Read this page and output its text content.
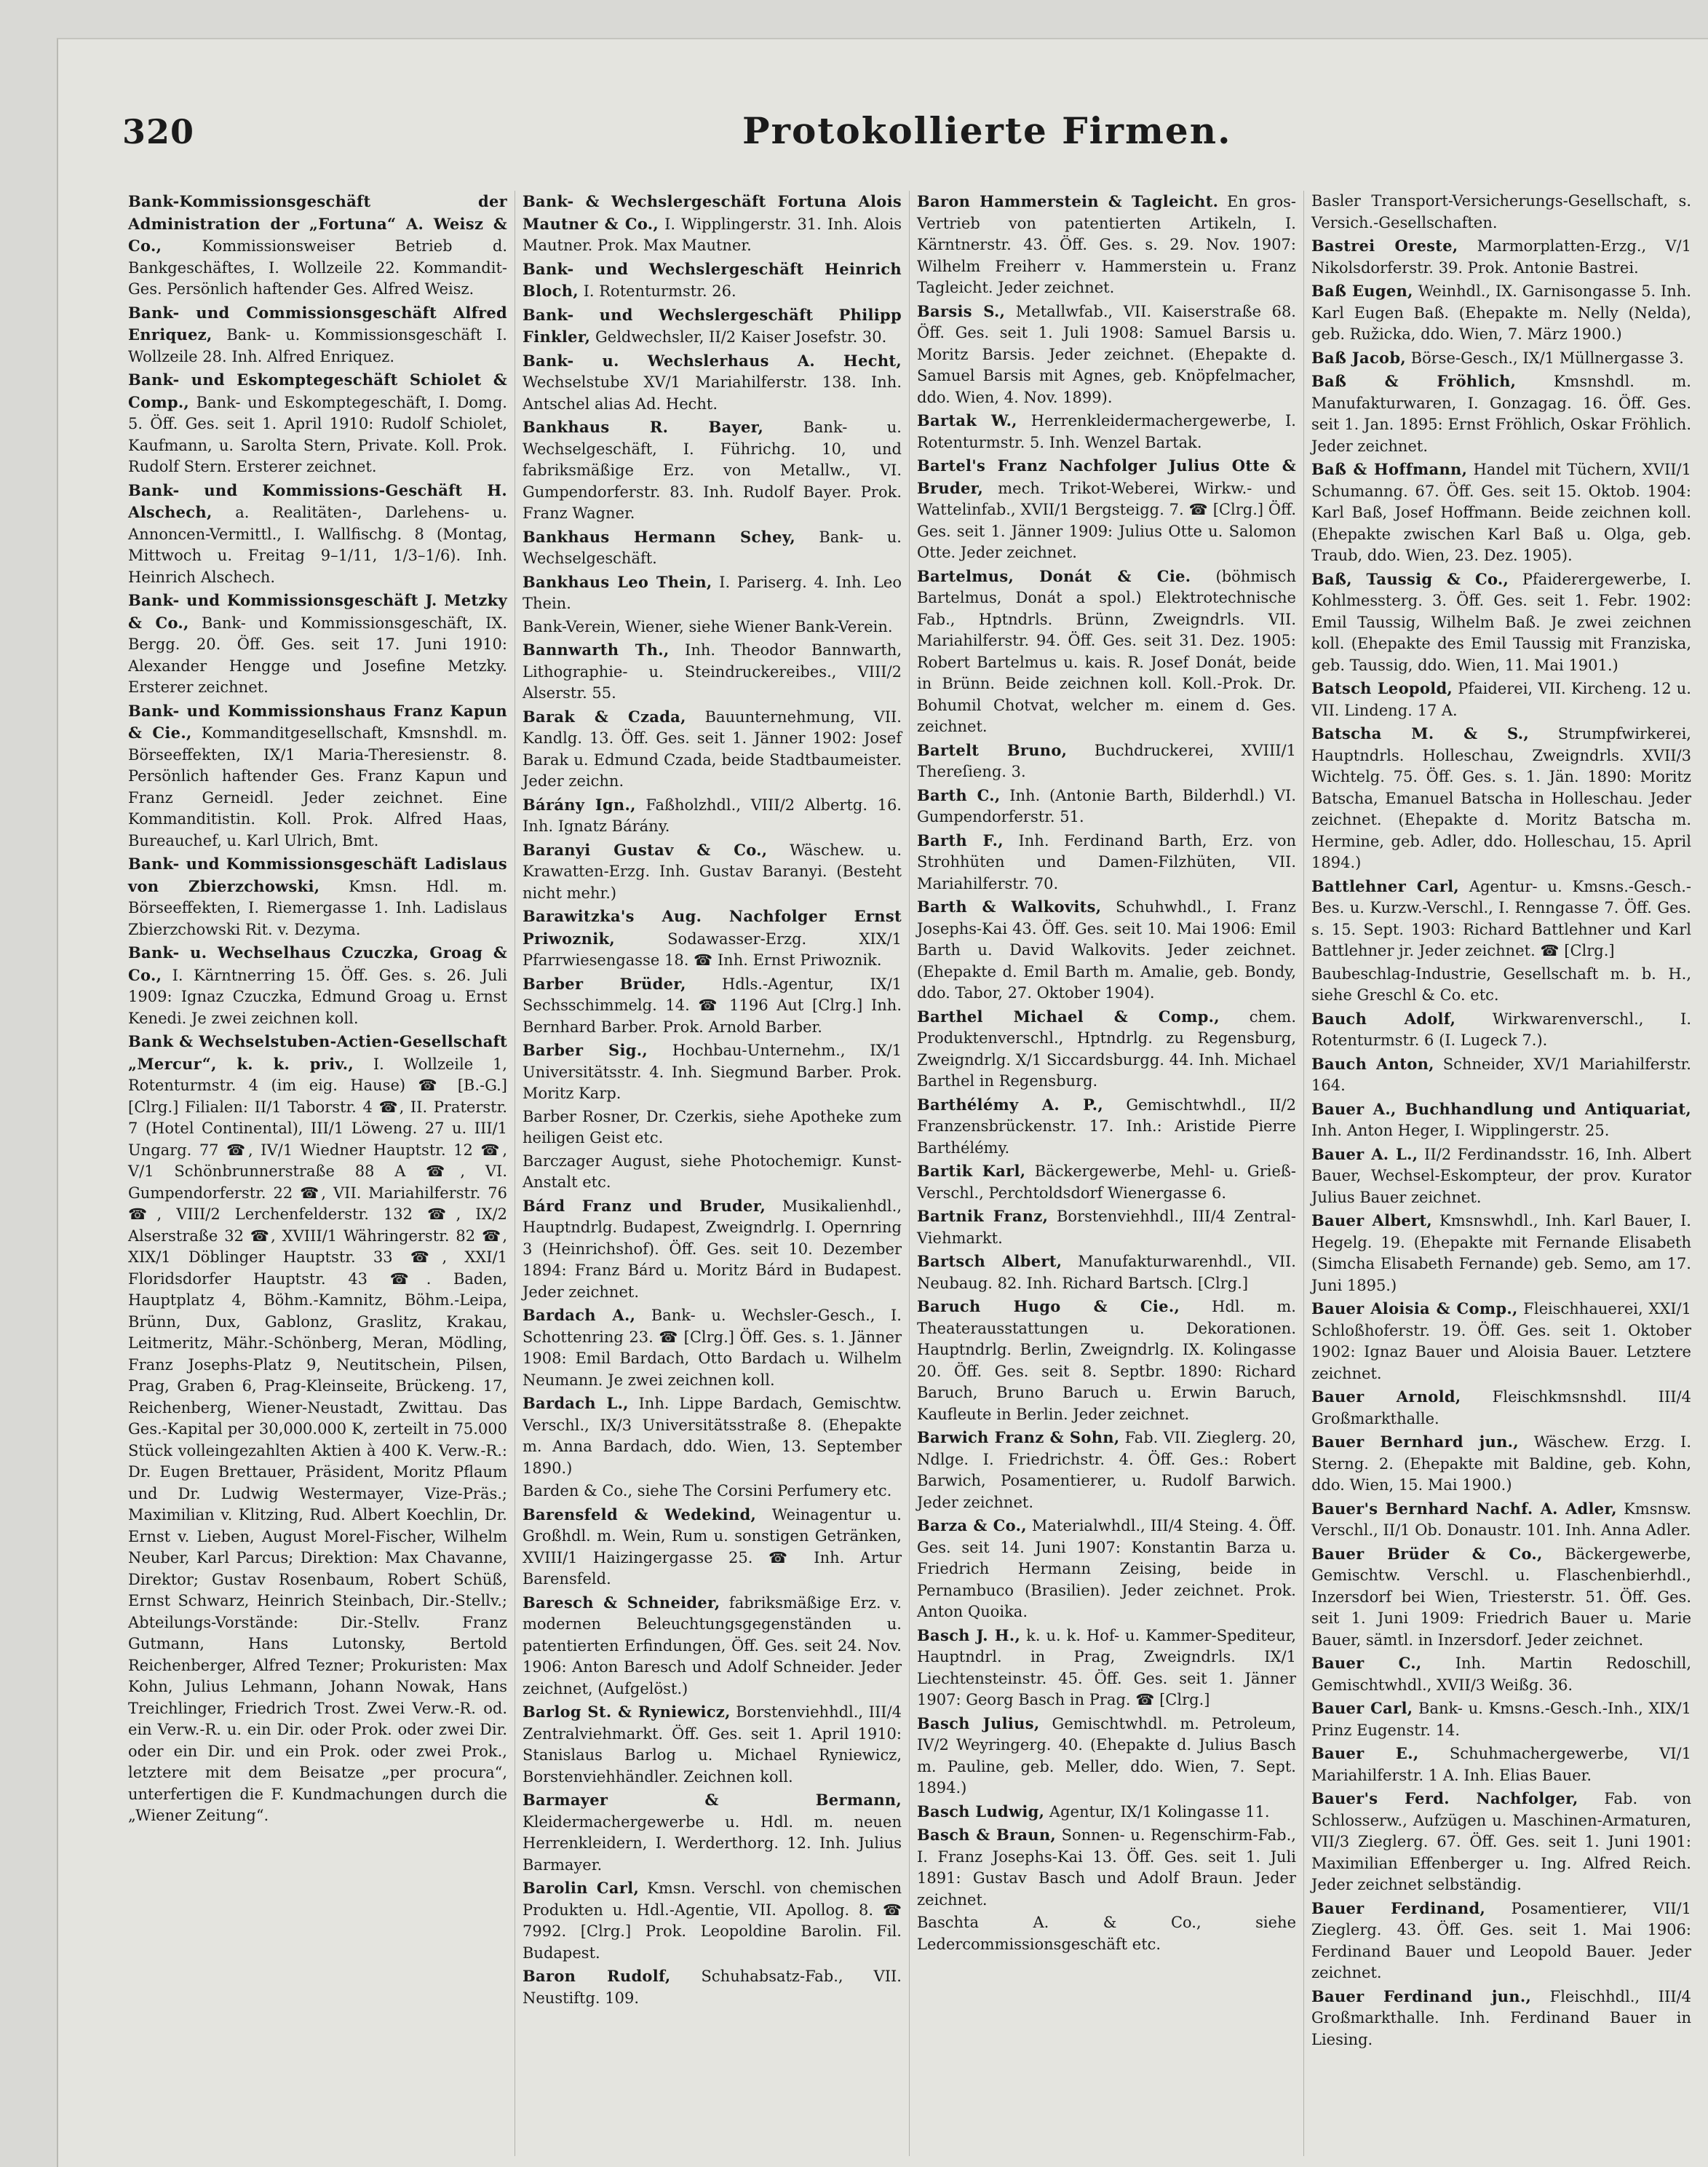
320	Protokollierte Firmen.
Bank-Kommissionsgeschäft der Administration der „Fortuna“ A. Weisz & Co.,	Kommissionsweiser Betrieb d. Bankgeschäftes, I. Wollzeile 22. Kommandit-Ges. Persönlich haftender Ges. Alfred Weisz.
Bank- und Commissionsgeschäft Alfred Enriquez, Bank- u. Kommissionsgeschäft I. Wollzeile 28. Inh. Alfred Enriquez.
Bank- und Eskomptegeschäft Schiolet & Comp., Bank- und Eskomptegeschäft, I. Domg. 5. Öff. Ges. seit 1. April 1910: Rudolf Schiolet, Kaufmann, u. Sarolta Stern, Private. Koll. Prok. Rudolf Stern. Ersterer zeichnet.
Bank- und Kommissions-Geschäft H. Alschech, a. Realitäten-, Darlehens- u. Annoncen-Vermittl., I. Wallfischg. 8 (Montag, Mittwoch u. Freitag 9–1/11, 1/3–1/6). Inh. Heinrich Alschech.
Bank- und Kommissionsgeschäft J. Metzky & Co., Bank- und Kommissionsgeschäft, IX. Bergg. 20. Öff. Ges. seit 17. Juni 1910: Alexander Hengge und Josefine Metzky. Ersterer zeichnet.
Bank- und Kommissionshaus Franz Kapun & Cie., Kommanditgesellschaft, Kmsnshdl. m. Börseeffekten, IX/1 Maria-Theresienstr. 8. Persönlich haftender Ges. Franz Kapun und Franz Gerneidl. Jeder zeichnet. Eine Kommanditistin. Koll. Prok. Alfred Haas, Bureauchef, u. Karl Ulrich, Bmt.
Bank- und Kommissionsgeschäft Ladislaus von Zbierzchowski, Kmsn. Hdl. m. Börseeffekten, I. Riemergasse 1. Inh. Ladislaus Zbierzchowski Rit. v. Dezyma.
Bank- u. Wechselhaus Czuczka, Groag & Co., I. Kärntnerring 15. Öff. Ges. s. 26. Juli 1909: Ignaz Czuczka, Edmund Groag u. Ernst Kenedi. Je zwei zeichnen koll.
Bank & Wechselstuben-Actien-Gesellschaft „Mercur“, k. k. priv., I. Wollzeile 1, Rotenturmstr. 4 (im eig. Hause) ☎ [B.-G.] [Clrg.] Filialen: II/1 Taborstr. 4 ☎, II. Praterstr. 7 (Hotel Continental), III/1 Löweng. 27 u. III/1 Ungarg. 77 ☎, IV/1 Wiedner Hauptstr. 12 ☎, V/1 Schönbrunnerstraße 88 A ☎, VI. Gumpendorferstr. 22 ☎, VII. Mariahilferstr. 76 ☎, VIII/2 Lerchenfelderstr. 132 ☎, IX/2 Alserstraße 32 ☎, XVIII/1 Währingerstr. 82 ☎, XIX/1 Döblinger Hauptstr. 33 ☎, XXI/1 Floridsdorfer Hauptstr. 43 ☎. Baden, Hauptplatz 4, Böhm.-Kamnitz, Böhm.-Leipa, Brünn, Dux, Gablonz, Graslitz, Krakau, Leitmeritz, Mähr.-Schönberg, Meran, Mödling, Franz Josephs-Platz 9, Neutitschein, Pilsen, Prag, Graben 6, Prag-Kleinseite, Brückeng. 17, Reichenberg, Wiener-Neustadt, Zwittau. Das Ges.-Kapital per 30,000.000 K, zerteilt in 75.000 Stück volleingezahlten Aktien à 400 K. Verw.-R.: Dr. Eugen Brettauer, Präsident, Moritz Pflaum und Dr. Ludwig Westermayer, Vize-Präs.; Maximilian v. Klitzing, Rud. Albert Koechlin, Dr. Ernst v. Lieben, August Morel-Fischer, Wilhelm Neuber, Karl Parcus; Direktion: Max Chavanne, Direktor; Gustav Rosenbaum, Robert Schüß, Ernst Schwarz, Heinrich Steinbach, Dir.-Stellv.; Abteilungs-Vorstände: Dir.-Stellv. Franz Gutmann, Hans Lutonsky, Bertold Reichenberger, Alfred Tezner; Prokuristen: Max Kohn, Julius Lehmann, Johann Nowak, Hans Treichlinger, Friedrich Trost. Zwei Verw.-R. od. ein Verw.-R. u. ein Dir. oder Prok. oder zwei Dir. oder ein Dir. und ein Prok. oder zwei Prok., letztere mit dem Beisatze „per procura“, unterfertigen die F. Kundmachungen durch die „Wiener Zeitung“.
Bank- & Wechslergeschäft Fortuna Alois Mautner & Co., I. Wipplingerstr. 31. Inh. Alois Mautner. Prok. Max Mautner.
Bank- und Wechslergeschäft Heinrich Bloch, I. Rotenturmstr. 26.
Bank- und Wechslergeschäft Philipp Finkler, Geldwechsler, II/2 Kaiser Josefstr. 30.
Bank- u. Wechslerhaus A. Hecht, Wechselstube XV/1 Mariahilferstr. 138. Inh. Antschel alias Ad. Hecht.
Bankhaus R. Bayer,	Bank- u. Wechselgeschäft, I. Führichg. 10, und fabriksmäßige Erz. von Metallw., VI. Gumpendorferstr. 83. Inh. Rudolf Bayer. Prok. Franz Wagner.
Bankhaus Hermann Schey, Bank- u. Wechselgeschäft.
Bankhaus Leo Thein, I. Pariserg. 4. Inh. Leo Thein.
Bank-Verein, Wiener, siehe Wiener Bank-Verein.
Bannwarth Th., Inh. Theodor Bannwarth, Lithographie- u. Steindruckereibes., VIII/2 Alserstr. 55.
Barak & Czada, Bauunternehmung, VII. Kandlg. 13. Öff. Ges. seit 1. Jänner 1902: Josef Barak u. Edmund Czada, beide Stadtbaumeister. Jeder zeichn.
Bárány Ign., Faßholzhdl., VIII/2 Albertg. 16. Inh. Ignatz Bárány.
Baranyi Gustav & Co., Wäschew. u. Krawatten-Erzg. Inh. Gustav Baranyi. (Besteht nicht mehr.)
Barawitzka's Aug. Nachfolger Ernst Priwoznik,	Sodawasser-Erzg. XIX/1 Pfarrwiesengasse 18. ☎ Inh. Ernst Priwoznik.
Barber Brüder, Hdls.-Agentur, IX/1 Sechsschimmelg. 14. ☎ 1196 Aut [Clrg.] Inh. Bernhard Barber. Prok. Arnold Barber.
Barber Sig., Hochbau-Unternehm., IX/1 Universitätsstr. 4. Inh. Siegmund Barber. Prok. Moritz Karp.
Barber Rosner, Dr. Czerkis, siehe Apotheke zum heiligen Geist etc.
Barczager August, siehe Photochemigr. Kunst-Anstalt etc.
Bárd Franz und Bruder, Musikalienhdl., Hauptndrlg. Budapest, Zweigndrlg. I. Opernring 3 (Heinrichshof). Öff. Ges. seit 10. Dezember 1894: Franz Bárd u. Moritz Bárd in Budapest. Jeder zeichnet.
Bardach A., Bank- u. Wechsler-Gesch., I. Schottenring 23. ☎ [Clrg.] Öff. Ges. s. 1. Jänner 1908: Emil Bardach, Otto Bardach u. Wilhelm Neumann. Je zwei zeichnen koll.
Bardach L., Inh. Lippe Bardach, Gemischtw. Verschl., IX/3 Universitätsstraße 8. (Ehepakte m. Anna Bardach, ddo. Wien, 13. September 1890.)
Barden & Co., siehe The Corsini Perfumery etc.
Barensfeld & Wedekind, Weinagentur u. Großhdl. m. Wein, Rum u. sonstigen Getränken, XVIII/1 Haizingergasse 25. ☎ Inh. Artur Barensfeld.
Baresch & Schneider, fabriksmäßige Erz. v. modernen Beleuchtungsgegenständen u. patentierten Erfindungen, Öff. Ges. seit 24. Nov. 1906: Anton Baresch und Adolf Schneider. Jeder zeichnet, (Aufgelöst.)
Barlog St. & Ryniewicz, Borstenviehhdl., III/4 Zentralviehmarkt. Öff. Ges. seit 1. April 1910: Stanislaus Barlog u. Michael Ryniewicz, Borstenviehhändler. Zeichnen koll.
Barmayer & Bermann, Kleidermachergewerbe u. Hdl. m. neuen Herrenkleidern, I. Werderthorg. 12. Inh. Julius Barmayer.
Barolin Carl, Kmsn. Verschl. von chemischen Produkten u. Hdl.-Agentie, VII. Apollog. 8. ☎ 7992. [Clrg.] Prok. Leopoldine Barolin. Fil. Budapest.
Baron Rudolf, Schuhabsatz-Fab., VII. Neustiftg. 109.
Baron Hammerstein & Tagleicht. En gros-Vertrieb von patentierten Artikeln, I. Kärntnerstr. 43. Öff. Ges. s. 29. Nov. 1907: Wilhelm Freiherr v. Hammerstein u. Franz Tagleicht. Jeder zeichnet.
Barsis S., Metallwfab., VII. Kaiserstraße 68. Öff. Ges. seit 1. Juli 1908: Samuel Barsis u. Moritz Barsis. Jeder zeichnet. (Ehepakte d. Samuel Barsis mit Agnes, geb. Knöpfelmacher, ddo. Wien, 4. Nov. 1899).
Bartak W., Herrenkleidermachergewerbe, I. Rotenturmstr. 5. Inh. Wenzel Bartak.
Bartel's Franz Nachfolger Julius Otte & Bruder, mech. Trikot-Weberei, Wirkw.- und Wattelinfab., XVII/1 Bergsteigg. 7. ☎ [Clrg.] Öff. Ges. seit 1. Jänner 1909: Julius Otte u. Salomon Otte. Jeder zeichnet.
Bartelmus, Donát & Cie. (böhmisch Bartelmus, Donát a spol.) Elektrotechnische Fab., Hptndrls. Brünn, Zweigndrls. VII. Mariahilferstr. 94. Öff. Ges. seit 31. Dez. 1905: Robert Bartelmus u. kais. R. Josef Donát, beide in Brünn. Beide zeichnen koll. Koll.-Prok. Dr. Bohumil Chotvat, welcher m. einem d. Ges. zeichnet.
Bartelt Bruno, Buchdruckerei, XVIII/1 Thereſieng. 3.
Barth C., Inh. (Antonie Barth, Bilderhdl.) VI. Gumpendorferstr. 51.
Barth F., Inh. Ferdinand Barth, Erz. von Strohhüten und Damen-Filzhüten, VII. Mariahilferstr. 70.
Barth & Walkovits, Schuhwhdl., I. Franz Josephs-Kai 43. Öff. Ges. seit 10. Mai 1906: Emil Barth u. David Walkovits. Jeder zeichnet. (Ehepakte d. Emil Barth m. Amalie, geb. Bondy, ddo. Tabor, 27. Oktober 1904).
Barthel Michael & Comp., chem. Produktenverschl., Hptndrlg. zu Regensburg, Zweigndrlg. X/1 Siccardsburgg. 44. Inh. Michael Barthel in Regensburg.
Barthélémy A. P., Gemischtwhdl., II/2 Franzensbrückenstr. 17. Inh.: Aristide Pierre Barthélémy.
Bartik Karl, Bäckergewerbe, Mehl- u. Grieß-Verschl., Perchtoldsdorf Wienergasse 6.
Bartnik Franz, Borstenviehhdl., III/4 Zentral-Viehmarkt.
Bartsch Albert, Manufakturwarenhdl., VII. Neubaug. 82. Inh. Richard Bartsch. [Clrg.]
Baruch Hugo & Cie., Hdl. m. Theaterausstattungen u. Dekorationen. Hauptndrlg. Berlin, Zweigndrlg. IX. Kolingasse 20. Öff. Ges. seit 8. Septbr. 1890: Richard Baruch, Bruno Baruch u. Erwin Baruch, Kaufleute in Berlin. Jeder zeichnet.
Barwich Franz & Sohn, Fab. VII. Zieglerg. 20, Ndlge. I. Friedrichstr. 4. Öff. Ges.: Robert Barwich, Posamentierer, u. Rudolf Barwich. Jeder zeichnet.
Barza & Co., Materialwhdl., III/4 Steing. 4. Öff. Ges. seit 14. Juni 1907: Konstantin Barza u. Friedrich Hermann Zeising, beide in Pernambuco (Brasilien). Jeder zeichnet. Prok. Anton Quoika.
Basch J. H., k. u. k. Hof- u. Kammer-Spediteur, Hauptndrl. in Prag, Zweigndrls. IX/1 Liechtensteinstr. 45. Öff. Ges. seit 1. Jänner 1907: Georg Basch in Prag. ☎ [Clrg.]
Basch Julius, Gemischtwhdl. m. Petroleum, IV/2 Weyringerg. 40. (Ehepakte d. Julius Basch m. Pauline, geb. Meller, ddo. Wien, 7. Sept. 1894.)
Basch Ludwig, Agentur, IX/1 Kolingasse 11.
Basch & Braun, Sonnen- u. Regenschirm-Fab., I. Franz Josephs-Kai 13. Öff. Ges. seit 1. Juli 1891: Gustav Basch und Adolf Braun. Jeder zeichnet.
Baschta A. & Co., siehe Ledercommissionsgeschäft etc.
Basler Transport-Versicherungs-Gesellschaft, s. Versich.-Gesellschaften.
Bastrei Oreste, Marmorplatten-Erzg., V/1 Nikolsdorferstr. 39. Prok. Antonie Bastrei.
Baß Eugen, Weinhdl., IX. Garnisongasse 5. Inh. Karl Eugen Baß. (Ehepakte m. Nelly (Nelda), geb. Ružicka, ddo. Wien, 7. März 1900.)
Baß Jacob, Börse-Gesch., IX/1 Müllnergasse 3.
Baß & Fröhlich, Kmsnshdl. m. Manufakturwaren, I. Gonzagag. 16. Öff. Ges. seit 1. Jan. 1895: Ernst Fröhlich, Oskar Fröhlich. Jeder zeichnet.
Baß & Hoffmann, Handel mit Tüchern, XVII/1 Schumanng. 67. Öff. Ges. seit 15. Oktob. 1904: Karl Baß, Josef Hoffmann. Beide zeichnen koll. (Ehepakte zwischen Karl Baß u. Olga, geb. Traub, ddo. Wien, 23. Dez. 1905).
Baß, Taussig & Co., Pfaiderergewerbe, I. Kohlmessterg. 3. Öff. Ges. seit 1. Febr. 1902: Emil Taussig, Wilhelm Baß. Je zwei zeichnen koll. (Ehepakte des Emil Taussig mit Franziska, geb. Taussig, ddo. Wien, 11. Mai 1901.)
Batsch Leopold, Pfaiderei, VII. Kircheng. 12 u. VII. Lindeng. 17 A.
Batscha M. & S., Strumpfwirkerei, Hauptndrls. Holleschau, Zweigndrls. XVII/3 Wichtelg. 75. Öff. Ges. s. 1. Jän. 1890: Moritz Batscha, Emanuel Batscha in Holleschau. Jeder zeichnet. (Ehepakte d. Moritz Batscha m. Hermine, geb. Adler, ddo. Holleschau, 15. April 1894.)
Battlehner Carl, Agentur- u. Kmsns.-Gesch.-Bes. u. Kurzw.-Verschl., I. Renngasse 7. Öff. Ges. s. 15. Sept. 1903: Richard Battlehner und Karl Battlehner jr. Jeder zeichnet. ☎ [Clrg.]
Baubeschlag-Industrie, Gesellschaft m. b. H., siehe Greschl & Co. etc.
Bauch Adolf, Wirkwarenverschl., I. Rotenturmstr. 6 (I. Lugeck 7.).
Bauch Anton, Schneider, XV/1 Mariahilferstr. 164.
Bauer A., Buchhandlung und Antiquariat, Inh. Anton Heger, I. Wipplingerstr. 25.
Bauer A. L., II/2 Ferdinandsstr. 16, Inh. Albert Bauer, Wechsel-Eskompteur, der prov. Kurator Julius Bauer zeichnet.
Bauer Albert, Kmsnswhdl., Inh. Karl Bauer, I. Hegelg. 19. (Ehepakte mit Fernande Elisabeth (Simcha Elisabeth Fernande) geb. Semo, am 17. Juni 1895.)
Bauer Aloisia & Comp., Fleischhauerei, XXI/1 Schloßhoferstr. 19. Öff. Ges. seit 1. Oktober 1902: Ignaz Bauer und Aloisia Bauer. Letztere zeichnet.
Bauer Arnold, Fleischkmsnshdl. III/4 Großmarkthalle.
Bauer Bernhard jun., Wäschew. Erzg. I. Sterng. 2. (Ehepakte mit Baldine, geb. Kohn, ddo. Wien, 15. Mai 1900.)
Bauer's Bernhard Nachf. A. Adler, Kmsnsw. Verschl., II/1 Ob. Donaustr. 101. Inh. Anna Adler.
Bauer Brüder & Co., Bäckergewerbe, Gemischtw. Verschl. u. Flaschenbierhdl., Inzersdorf bei Wien, Triesterstr. 51. Öff. Ges. seit 1. Juni 1909: Friedrich Bauer u. Marie Bauer, sämtl. in Inzersdorf. Jeder zeichnet.
Bauer C., Inh. Martin Redoschill, Gemischtwhdl., XVII/3 Weißg. 36.
Bauer Carl, Bank- u. Kmsns.-Gesch.-Inh., XIX/1 Prinz Eugenstr. 14.
Bauer E., Schuhmachergewerbe, VI/1 Mariahilferstr. 1 A. Inh. Elias Bauer.
Bauer's Ferd. Nachfolger, Fab. von Schlosserw., Aufzügen u. Maschinen-Armaturen, VII/3 Zieglerg. 67. Öff. Ges. seit 1. Juni 1901: Maximilian Effenberger u. Ing. Alfred Reich. Jeder zeichnet selbständig.
Bauer Ferdinand, Posamentierer, VII/1 Zieglerg. 43. Öff. Ges. seit 1. Mai 1906: Ferdinand Bauer und Leopold Bauer. Jeder zeichnet.
Bauer Ferdinand jun., Fleischhdl., III/4 Großmarkthalle. Inh. Ferdinand Bauer in Liesing.
